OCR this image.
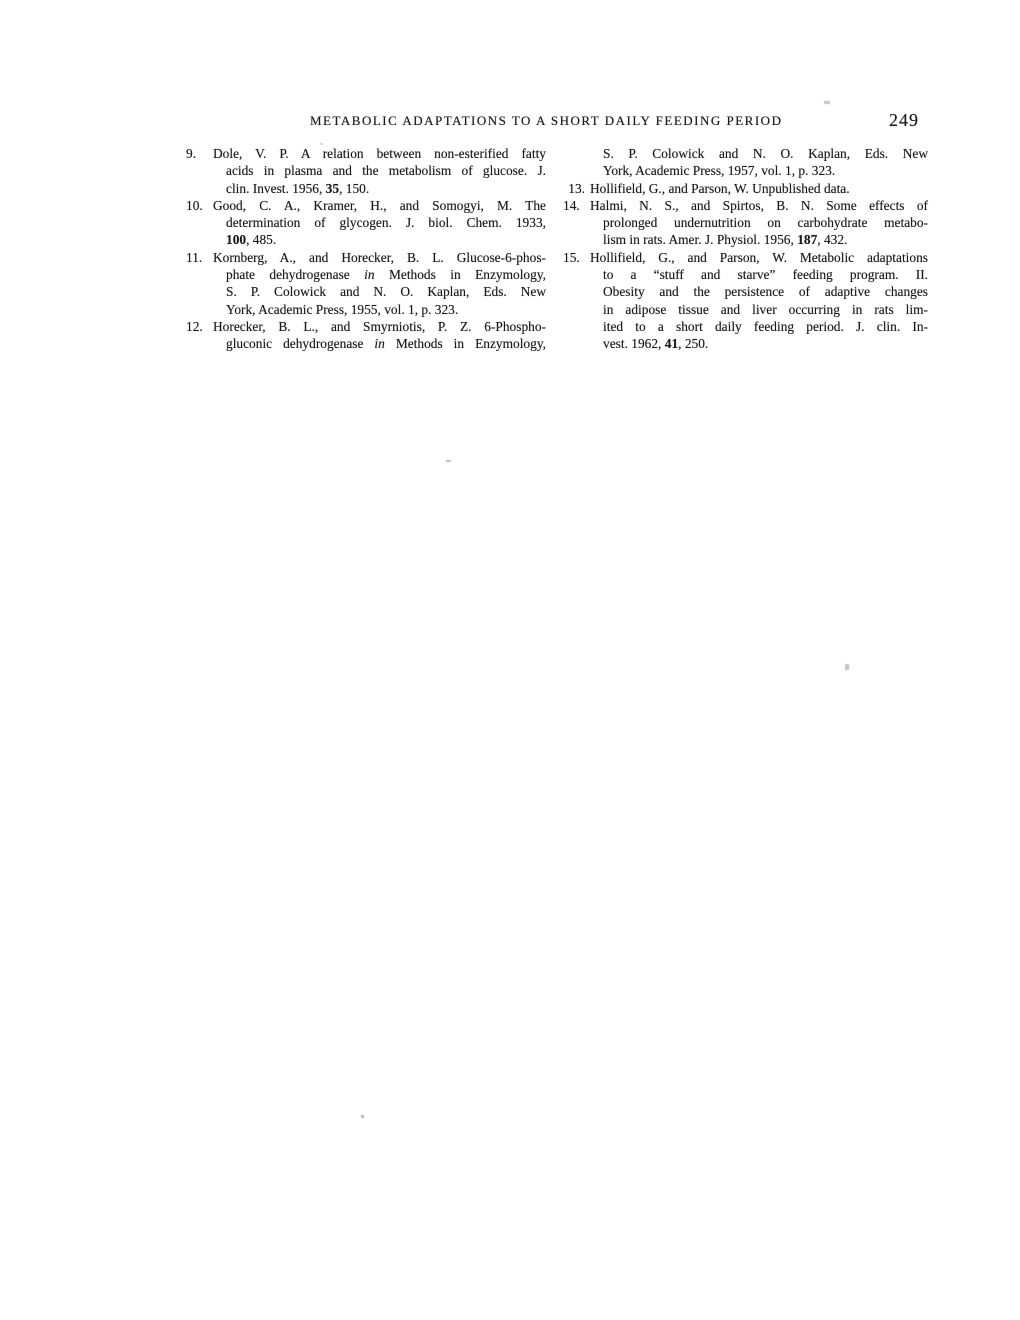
METABOLIC ADAPTATIONS TO A SHORT DAILY FEEDING PERIOD	249
9. Dole, V. P. A relation between non-esterified fatty
acids in plasma and the metabolism of glucose. J.
clin. Invest. 1956, 35, 150.
10. Good, C. A., Kramer, H., and Somogyi, M. The
determination of glycogen. J. biol. Chem. 1933,
100, 485.
11. Kornberg, A., and Horecker, B. L. Glucose-6-phos-
phate dehydrogenase in Methods in Enzymology,
S. P. Colowick and N. O. Kaplan, Eds. New
York, Academic Press, 1955, vol. 1, p. 323.
12. Horecker, B. L., and Smyrniotis, P. Z. 6-Phospho-
gluconic dehydrogenase in Methods in Enzymology,
S. P. Colowick and N. O. Kaplan, Eds. New
York, Academic Press, 1957, vol. 1, p. 323.
13. Hollifield, G., and Parson, W. Unpublished data.
14. Halmi, N. S., and Spirtos, B. N. Some effects of
prolonged undernutrition on carbohydrate metabo-
lism in rats. Amer. J. Physiol. 1956, 187, 432.
15. Hollifield, G., and Parson, W. Metabolic adaptations
to a “stuff and starve” feeding program. II.
Obesity and the persistence of adaptive changes
in adipose tissue and liver occurring in rats lim-
ited to a short daily feeding period. J. clin. In-
vest. 1962, 41, 250.
